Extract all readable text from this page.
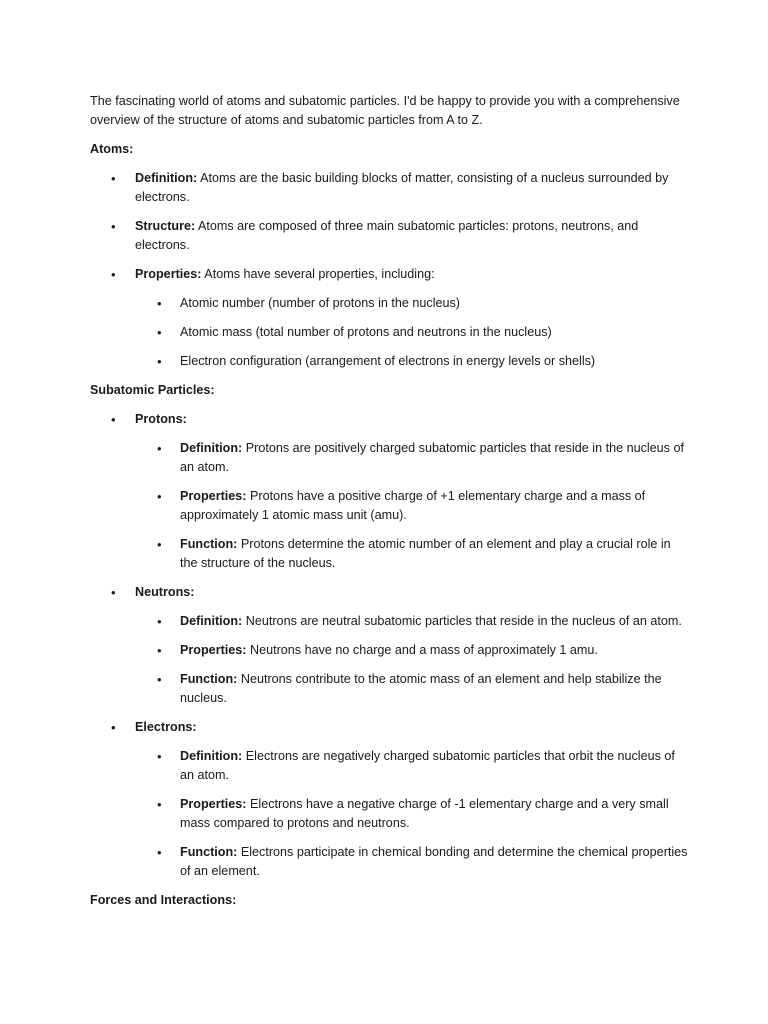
The fascinating world of atoms and subatomic particles. I'd be happy to provide you with a comprehensive overview of the structure of atoms and subatomic particles from A to Z.

Atoms:

• Definition: Atoms are the basic building blocks of matter, consisting of a nucleus surrounded by electrons.
• Structure: Atoms are composed of three main subatomic particles: protons, neutrons, and electrons.
• Properties: Atoms have several properties, including:
• Atomic number (number of protons in the nucleus)
• Atomic mass (total number of protons and neutrons in the nucleus)
• Electron configuration (arrangement of electrons in energy levels or shells)

Subatomic Particles:

• Protons:
• Definition: Protons are positively charged subatomic particles that reside in the nucleus of an atom.
• Properties: Protons have a positive charge of +1 elementary charge and a mass of approximately 1 atomic mass unit (amu).
• Function: Protons determine the atomic number of an element and play a crucial role in the structure of the nucleus.
• Neutrons:
• Definition: Neutrons are neutral subatomic particles that reside in the nucleus of an atom.
• Properties: Neutrons have no charge and a mass of approximately 1 amu.
• Function: Neutrons contribute to the atomic mass of an element and help stabilize the nucleus.
• Electrons:
• Definition: Electrons are negatively charged subatomic particles that orbit the nucleus of an atom.
• Properties: Electrons have a negative charge of -1 elementary charge and a very small mass compared to protons and neutrons.
• Function: Electrons participate in chemical bonding and determine the chemical properties of an element.

Forces and Interactions:
